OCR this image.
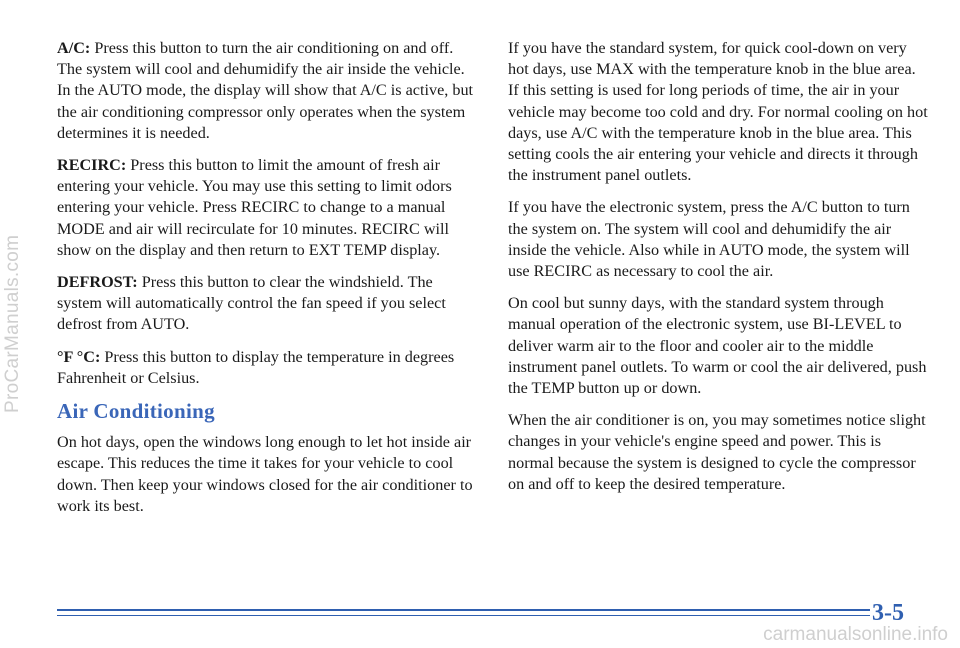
ProCarManuals.com

A/C: Press this button to turn the air conditioning on and off. The system will cool and dehumidify the air inside the vehicle. In the AUTO mode, the display will show that A/C is active, but the air conditioning compressor only operates when the system determines it is needed.

RECIRC: Press this button to limit the amount of fresh air entering your vehicle. You may use this setting to limit odors entering your vehicle. Press RECIRC to change to a manual MODE and air will recirculate for 10 minutes. RECIRC will show on the display and then return to EXT TEMP display.

DEFROST: Press this button to clear the windshield. The system will automatically control the fan speed if you select defrost from AUTO.

°F °C: Press this button to display the temperature in degrees Fahrenheit or Celsius.

Air Conditioning

On hot days, open the windows long enough to let hot inside air escape. This reduces the time it takes for your vehicle to cool down. Then keep your windows closed for the air conditioner to work its best.

If you have the standard system, for quick cool-down on very hot days, use MAX with the temperature knob in the blue area. If this setting is used for long periods of time, the air in your vehicle may become too cold and dry. For normal cooling on hot days, use A/C with the temperature knob in the blue area. This setting cools the air entering your vehicle and directs it through the instrument panel outlets.

If you have the electronic system, press the A/C button to turn the system on. The system will cool and dehumidify the air inside the vehicle. Also while in AUTO mode, the system will use RECIRC as necessary to cool the air.

On cool but sunny days, with the standard system through manual operation of the electronic system, use BI-LEVEL to deliver warm air to the floor and cooler air to the middle instrument panel outlets. To warm or cool the air delivered, push the TEMP button up or down.

When the air conditioner is on, you may sometimes notice slight changes in your vehicle's engine speed and power. This is normal because the system is designed to cycle the compressor on and off to keep the desired temperature.

3-5
carmanualsonline.info
